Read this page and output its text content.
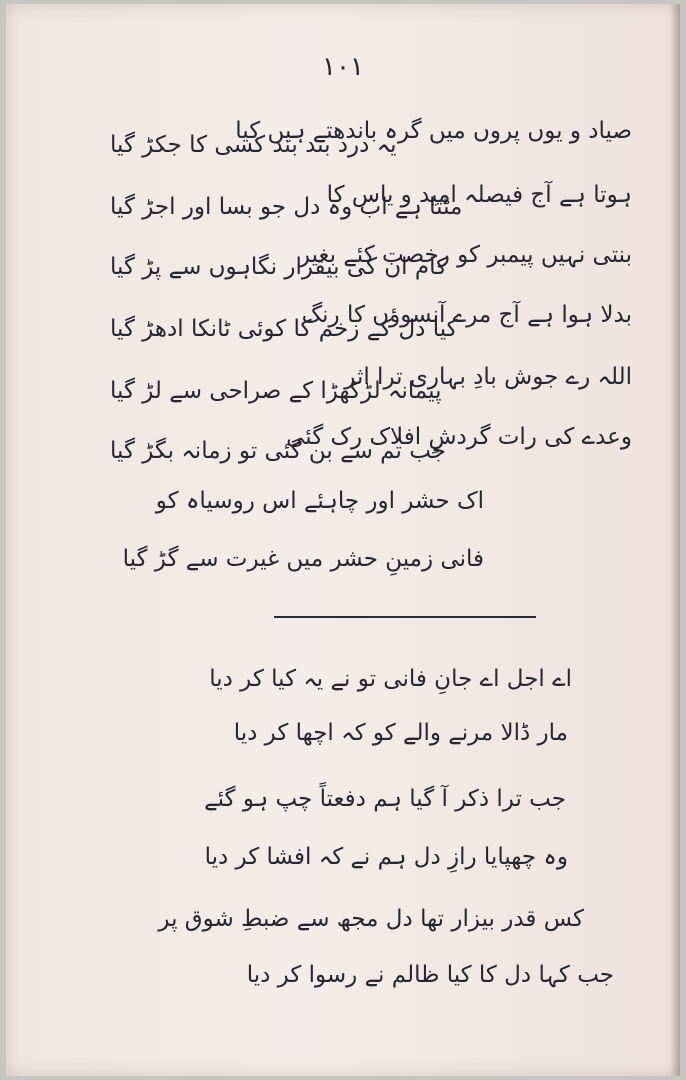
١٠١
صیاد و یوں پروں میں گرہ باندھتے ہیں کیا
ہوتا ہے آج فیصلہ امید و یاس کا
بنتی نہیں پیمبر کو رخصت کئے بغیر
بدلا ہوا ہے آج مرے آنسوؤں کا رنگ
اللہ رے جوش بادِ بہاری ترا اثر
وعدے کی رات گردشِ افلاک رک گئی
یہ درد بند بند کسی کا جکڑ گیا
مٹتا ہے اب وہ دل جو بسا اور اجڑ گیا
کام ان کی بیقرار نگاہوں سے پڑ گیا
کیا دل کے زخم کا کوئی ٹانکا ادھڑ گیا
پیمانہ لڑکھڑا کے صراحی سے لڑ گیا
جب تم سے بن گئی تو زمانہ بگڑ گیا
اک حشر اور چاہئے اس روسیاہ کو
فانی زمینِ حشر میں غیرت سے گڑ گیا
اے اجل اے جانِ فانی تو نے یہ کیا کر دیا
مار ڈالا مرنے والے کو کہ اچھا کر دیا
جب ترا ذکر آ گیا ہم دفعتاً چپ ہو گئے
وہ چھپایا رازِ دل ہم نے کہ افشا کر دیا
کس قدر بیزار تھا دل مجھ سے ضبطِ شوق پر
جب کہا دل کا کیا ظالم نے رسوا کر دیا
